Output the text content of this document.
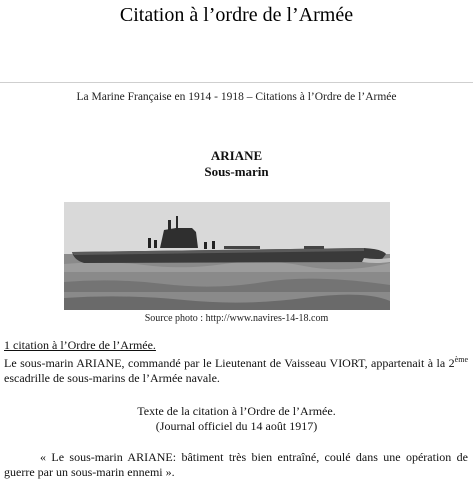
Citation à l’ordre de l’Armée
La Marine Française en 1914 - 1918 – Citations à l’Ordre de l’Armée
ARIANE
Sous-marin
Source photo : http://www.navires-14-18.com
1 citation à l’Ordre de l’Armée.
Le sous-marin ARIANE, commandé par le Lieutenant de Vaisseau VIORT, appartenait à la 2ème escadrille de sous-marins de l’Armée navale.
Texte de la citation à l’Ordre de l’Armée.
(Journal officiel du 14 août 1917)
« Le sous-marin ARIANE: bâtiment très bien entraîné, coulé dans une opération de guerre par un sous-marin ennemi ».
